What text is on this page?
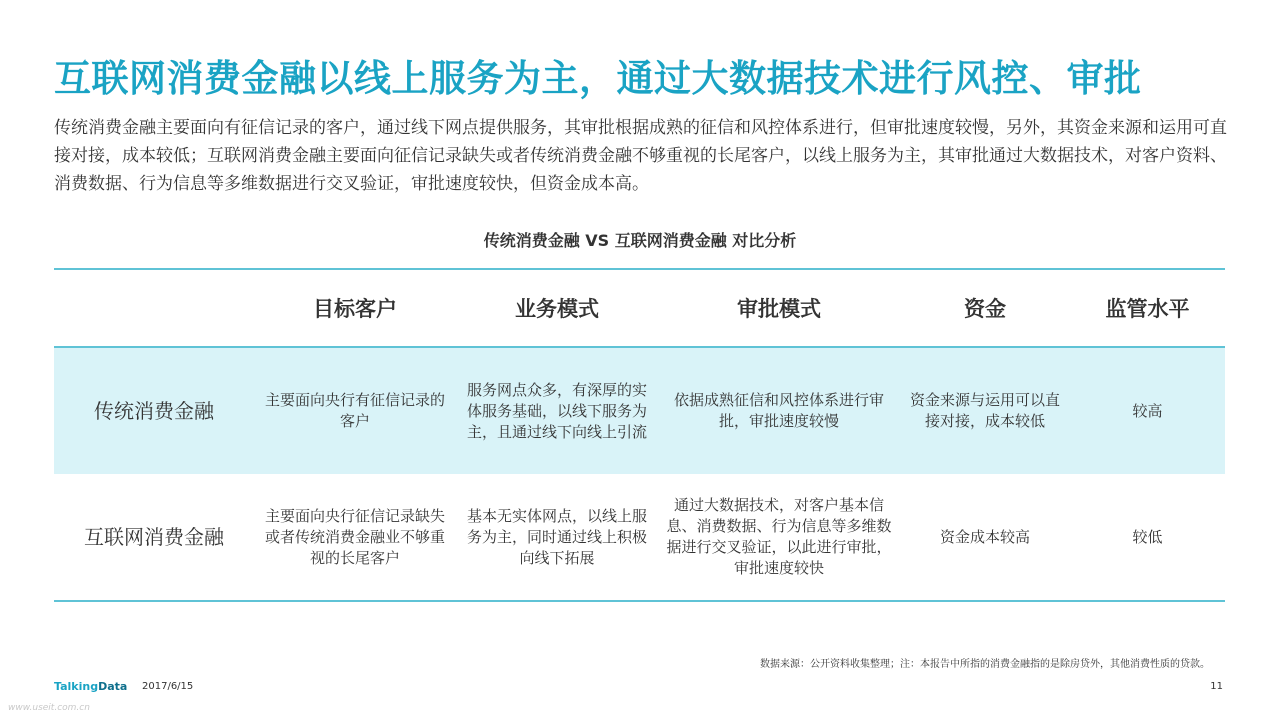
互联网消费金融以线上服务为主，通过大数据技术进行风控、审批
传统消费金融主要面向有征信记录的客户，通过线下网点提供服务，其审批根据成熟的征信和风控体系进行，但审批速度较慢，另外，其资金来源和运用可直接对接，成本较低；互联网消费金融主要面向征信记录缺失或者传统消费金融不够重视的长尾客户，以线上服务为主，其审批通过大数据技术，对客户资料、消费数据、行为信息等多维数据进行交叉验证，审批速度较快，但资金成本高。
传统消费金融 VS 互联网消费金融 对比分析
	目标客户	业务模式	审批模式	资金	监管水平
传统消费金融	主要面向央行有征信记录的客户	服务网点众多，有深厚的实体服务基础，以线下服务为主，且通过线下向线上引流	依据成熟征信和风控体系进行审批，审批速度较慢	资金来源与运用可以直接对接，成本较低	较高
互联网消费金融	主要面向央行征信记录缺失或者传统消费金融业不够重视的长尾客户	基本无实体网点，以线上服务为主，同时通过线上积极向线下拓展	通过大数据技术，对客户基本信息、消费数据、行为信息等多维数据进行交叉验证，以此进行审批，审批速度较快	资金成本较高	较低
数据来源：公开资料收集整理；注：本报告中所指的消费金融指的是除房贷外，其他消费性质的贷款。
TalkingData 2017/6/15	11
www.useit.com.cn
